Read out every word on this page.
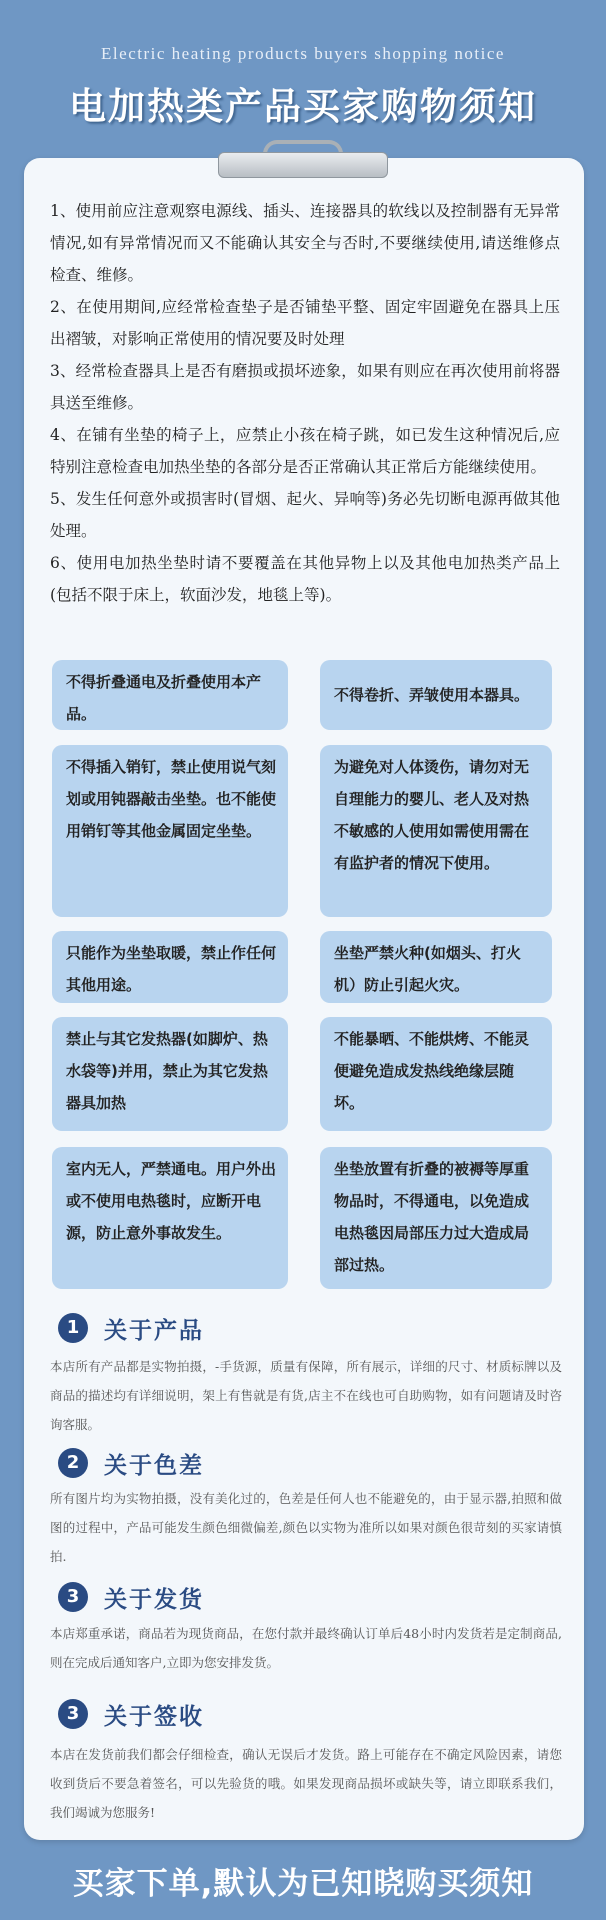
Electric heating products buyers shopping notice
电加热类产品买家购物须知

1、使用前应注意观察电源线、插头、连接器具的软线以及控制器有无异常情况,如有异常情况而又不能确认其安全与否时,不要继续使用,请送维修点检查、维修。

2、在使用期间,应经常检查垫子是否铺垫平整、固定牢固避免在器具上压出褶皱，对影响正常使用的情况要及时处理

3、经常检查器具上是否有磨损或损坏迹象，如果有则应在再次使用前将器具送至维修。

4、在铺有坐垫的椅子上，应禁止小孩在椅子跳，如已发生这种情况后,应特别注意检查电加热坐垫的各部分是否正常确认其正常后方能继续使用。

5、发生任何意外或损害时(冒烟、起火、异响等)务必先切断电源再做其他处理。

6、使用电加热坐垫时请不要覆盖在其他异物上以及其他电加热类产品上(包括不限于床上，软面沙发，地毯上等)。

不得折叠通电及折叠使用本产品。
不得卷折、弄皱使用本器具。
不得插入销钉，禁止使用说气刻划或用钝器敲击坐垫。也不能使用销钉等其他金属固定坐垫。
为避免对人体烫伤，请勿对无自理能力的婴儿、老人及对热不敏感的人使用如需使用需在有监护者的情况下使用。
只能作为坐垫取暖，禁止作任何其他用途。
坐垫严禁火种(如烟头、打火机）防止引起火灾。
禁止与其它发热器(如脚炉、热水袋等)并用，禁止为其它发热器具加热
不能暴晒、不能烘烤、不能灵便避免造成发热线绝缘层随坏。
室内无人，严禁通电。用户外出或不使用电热毯时，应断开电源，防止意外事故发生。
坐垫放置有折叠的被褥等厚重物品时，不得通电，以免造成电热毯因局部压力过大造成局部过热。
1	关于产品
本店所有产品都是实物拍摄，-手货源，质量有保障，所有展示，详细的尺寸、材质标牌以及商品的描述均有详细说明，架上有售就是有货,店主不在线也可自助购物，如有问题请及时咨询客服。
2	关于色差
所有图片均为实物拍摄，没有美化过的，色差是任何人也不能避免的，由于显示器,拍照和做图的过程中，产品可能发生颜色细微偏差,颜色以实物为准所以如果对颜色很苛刻的买家请慎拍.
3	关于发货
本店郑重承诺，商品若为现货商品，在您付款并最终确认订单后48小时内发货若是定制商品,则在完成后通知客户,立即为您安排发货。
3	关于签收
本店在发货前我们都会仔细检查，确认无误后才发货。路上可能存在不确定风险因素，请您收到货后不要急着签名，可以先验货的哦。如果发现商品损坏或缺失等，请立即联系我们，我们竭诚为您服务!
买家下单,默认为已知晓购买须知
